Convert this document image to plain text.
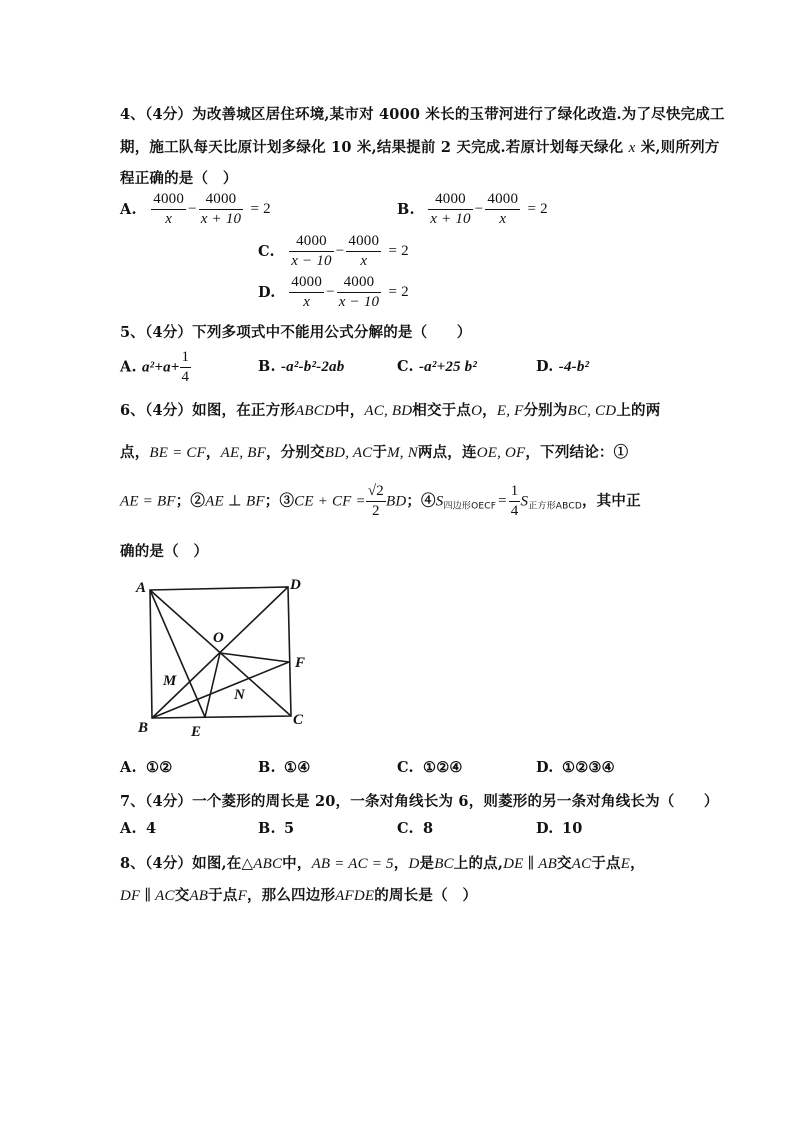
4、（4分）为改善城区居住环境,某市对 4000 米长的玉带河进行了绿化改造.为了尽快完成工
期，施工队每天比原计划多绿化 10 米,结果提前 2 天完成.若原计划每天绿化 x 米,则所列方
程正确的是（　）
A. $\frac{4000}{x} - \frac{4000}{x + 10} = 2$	B. $\frac{4000}{x + 10} - \frac{4000}{x} = 2$
C. $\frac{4000}{x - 10} - \frac{4000}{x} = 2$
D. $\frac{4000}{x} - \frac{4000}{x - 10} = 2$
5、（4分）下列多项式中不能用公式分解的是（　　）
A. $a^2+a+ \frac{1}{4}$	B. -a²-b²-2ab	C. -a²+25 b²	D. -4-b²
6、（4分）如图，在正方形ABCD中，AC, BD相交于点O，E, F分别为BC, CD上的两
点，BE = CF，AE, BF，分别交BD, AC于M, N两点，连OE, OF，下列结论：①
AE = BF；②AE ⊥ BF；③CE + CF = $\frac{√2}{2}$ BD；$④S_{四边形OECF} = \frac{1}{4} S_{正方形ABCD}$，其中正
确的是（　）
A	D
B	C
O
E
F
M
N
A. ①②	B. ①④	C. ①②④	D. ①②③④
7、（4分）一个菱形的周长是 20，一条对角线长为 6，则菱形的另一条对角线长为（　　）
A. 4	B. 5	C. 8	D. 10
8、（4分）如图,在△ABC中，AB = AC = 5，D是BC上的点,DE ∥ AB交AC于点E，
DF ∥ AC交AB于点F，那么四边形AFDE的周长是（　）
